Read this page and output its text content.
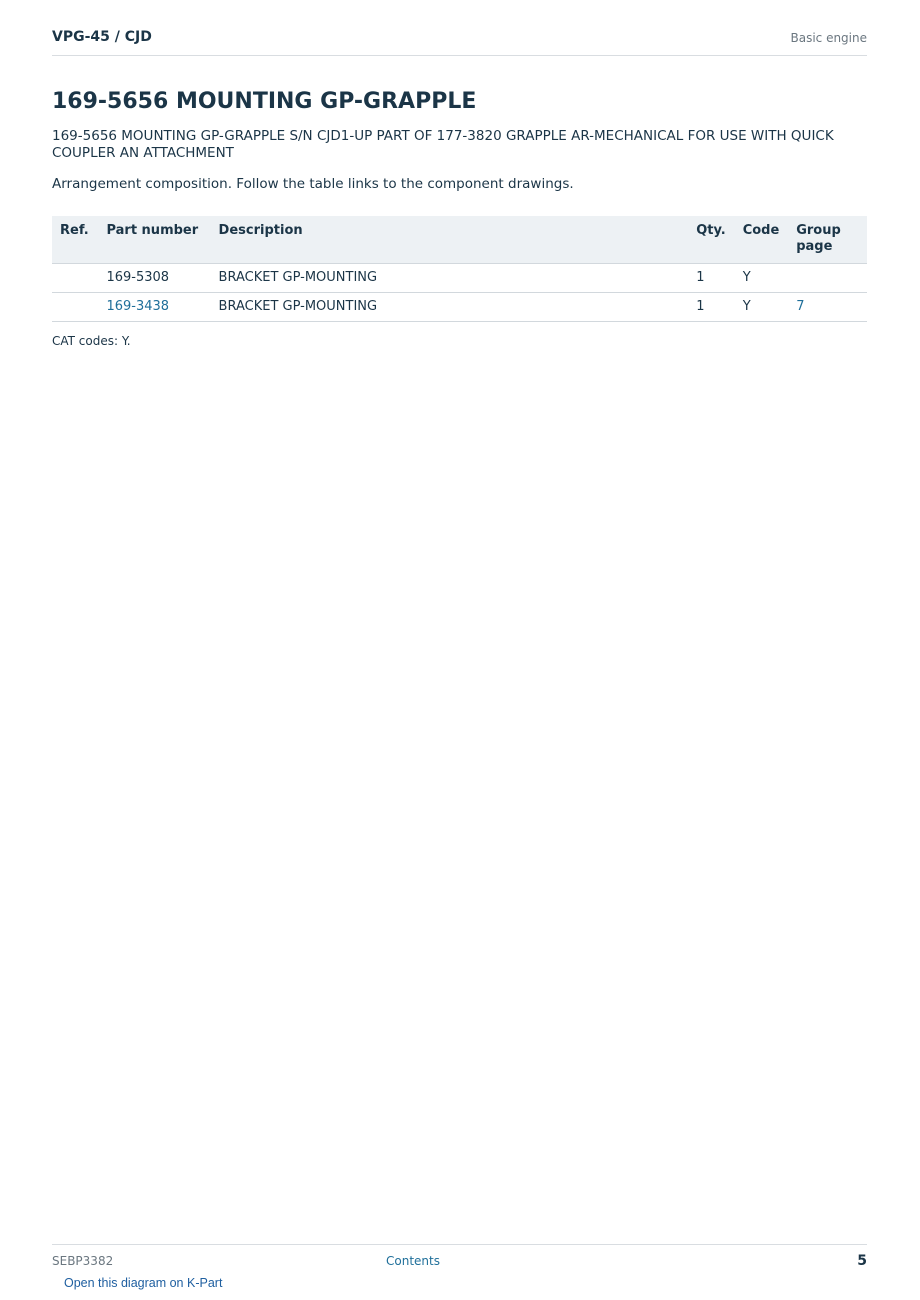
VPG-45 / CJD	Basic engine
169-5656 MOUNTING GP-GRAPPLE
169-5656 MOUNTING GP-GRAPPLE S/N CJD1-UP PART OF 177-3820 GRAPPLE AR-MECHANICAL FOR USE WITH QUICK COUPLER AN ATTACHMENT
Arrangement composition. Follow the table links to the component drawings.
Ref.	Part number	Description	Qty.	Code	Group page
	169-5308	BRACKET GP-MOUNTING	1	Y	
	169-3438	BRACKET GP-MOUNTING	1	Y	7
CAT codes: Y.
SEBP3382	Contents	5
Open this diagram on K-Part
